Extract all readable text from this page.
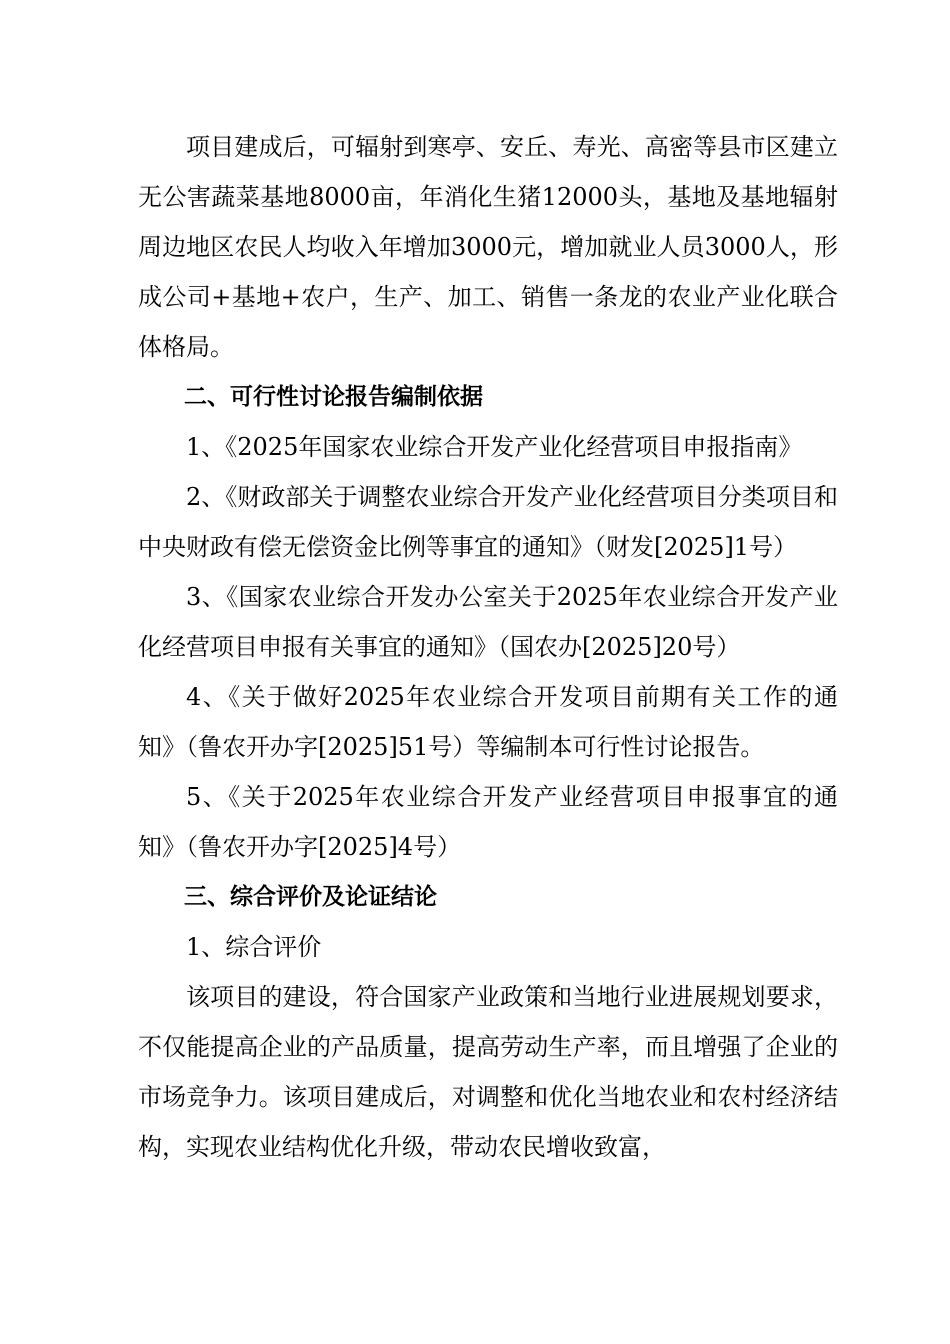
项目建成后，可辐射到寒亭、安丘、寿光、高密等县市区建立无公害蔬菜基地8000亩，年消化生猪12000头，基地及基地辐射周边地区农民人均收入年增加3000元，增加就业人员3000人，形成公司+基地+农户，生产、加工、销售一条龙的农业产业化联合体格局。

二、可行性讨论报告编制依据

1、《2025年国家农业综合开发产业化经营项目申报指南》

2、《财政部关于调整农业综合开发产业化经营项目分类项目和中央财政有偿无偿资金比例等事宜的通知》（财发[2025]1号）

3、《国家农业综合开发办公室关于2025年农业综合开发产业化经营项目申报有关事宜的通知》（国农办[2025]20号）

4、《关于做好2025年农业综合开发项目前期有关工作的通知》（鲁农开办字[2025]51号）等编制本可行性讨论报告。

5、《关于2025年农业综合开发产业经营项目申报事宜的通知》（鲁农开办字[2025]4号）

三、综合评价及论证结论

1、综合评价

该项目的建设，符合国家产业政策和当地行业进展规划要求，不仅能提高企业的产品质量，提高劳动生产率，而且增强了企业的市场竞争力。该项目建成后，对调整和优化当地农业和农村经济结构，实现农业结构优化升级，带动农民增收致富，
